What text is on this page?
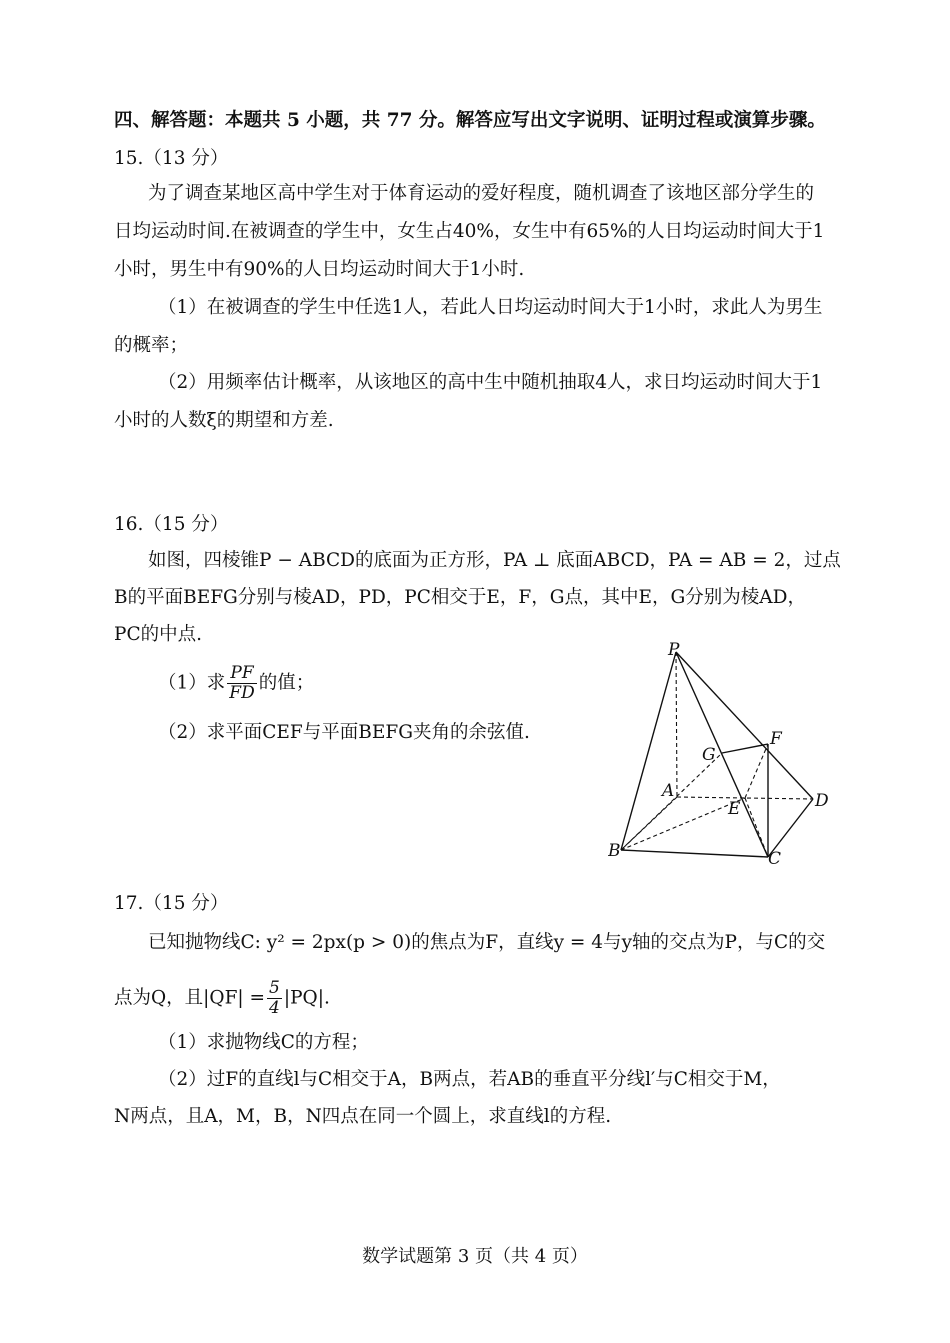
四、解答题：本题共 5 小题，共 77 分。解答应写出文字说明、证明过程或演算步骤。
15.（13 分）
为了调查某地区高中学生对于体育运动的爱好程度，随机调查了该地区部分学生的
日均运动时间.在被调查的学生中，女生占40%，女生中有65%的人日均运动时间大于1
小时，男生中有90%的人日均运动时间大于1小时.
（1）在被调查的学生中任选1人，若此人日均运动时间大于1小时，求此人为男生
的概率；
（2）用频率估计概率，从该地区的高中生中随机抽取4人，求日均运动时间大于1
小时的人数ξ的期望和方差.
16.（15 分）
如图，四棱锥P − ABCD的底面为正方形，PA ⊥ 底面ABCD，PA = AB = 2，过点
B的平面BEFG分别与棱AD，PD，PC相交于E，F，G点，其中E，G分别为棱AD，
PC的中点.
（1）求 $\frac{PF}{FD}$ 的值；
（2）求平面CEF与平面BEFG夹角的余弦值.
P
G
F
A
E	D
B	C
17.（15 分）
已知抛物线C: y² = 2px(p > 0)的焦点为F，直线y = 4与y轴的交点为P，与C的交
点为Q，且$|QF| = \frac{5}{4} |PQ|$.
（1）求抛物线C的方程；
（2）过F的直线l与C相交于A，B两点，若AB的垂直平分线l′与C相交于M，
N两点，且A，M，B，N四点在同一个圆上，求直线l的方程.
数学试题第 3 页（共 4 页）
